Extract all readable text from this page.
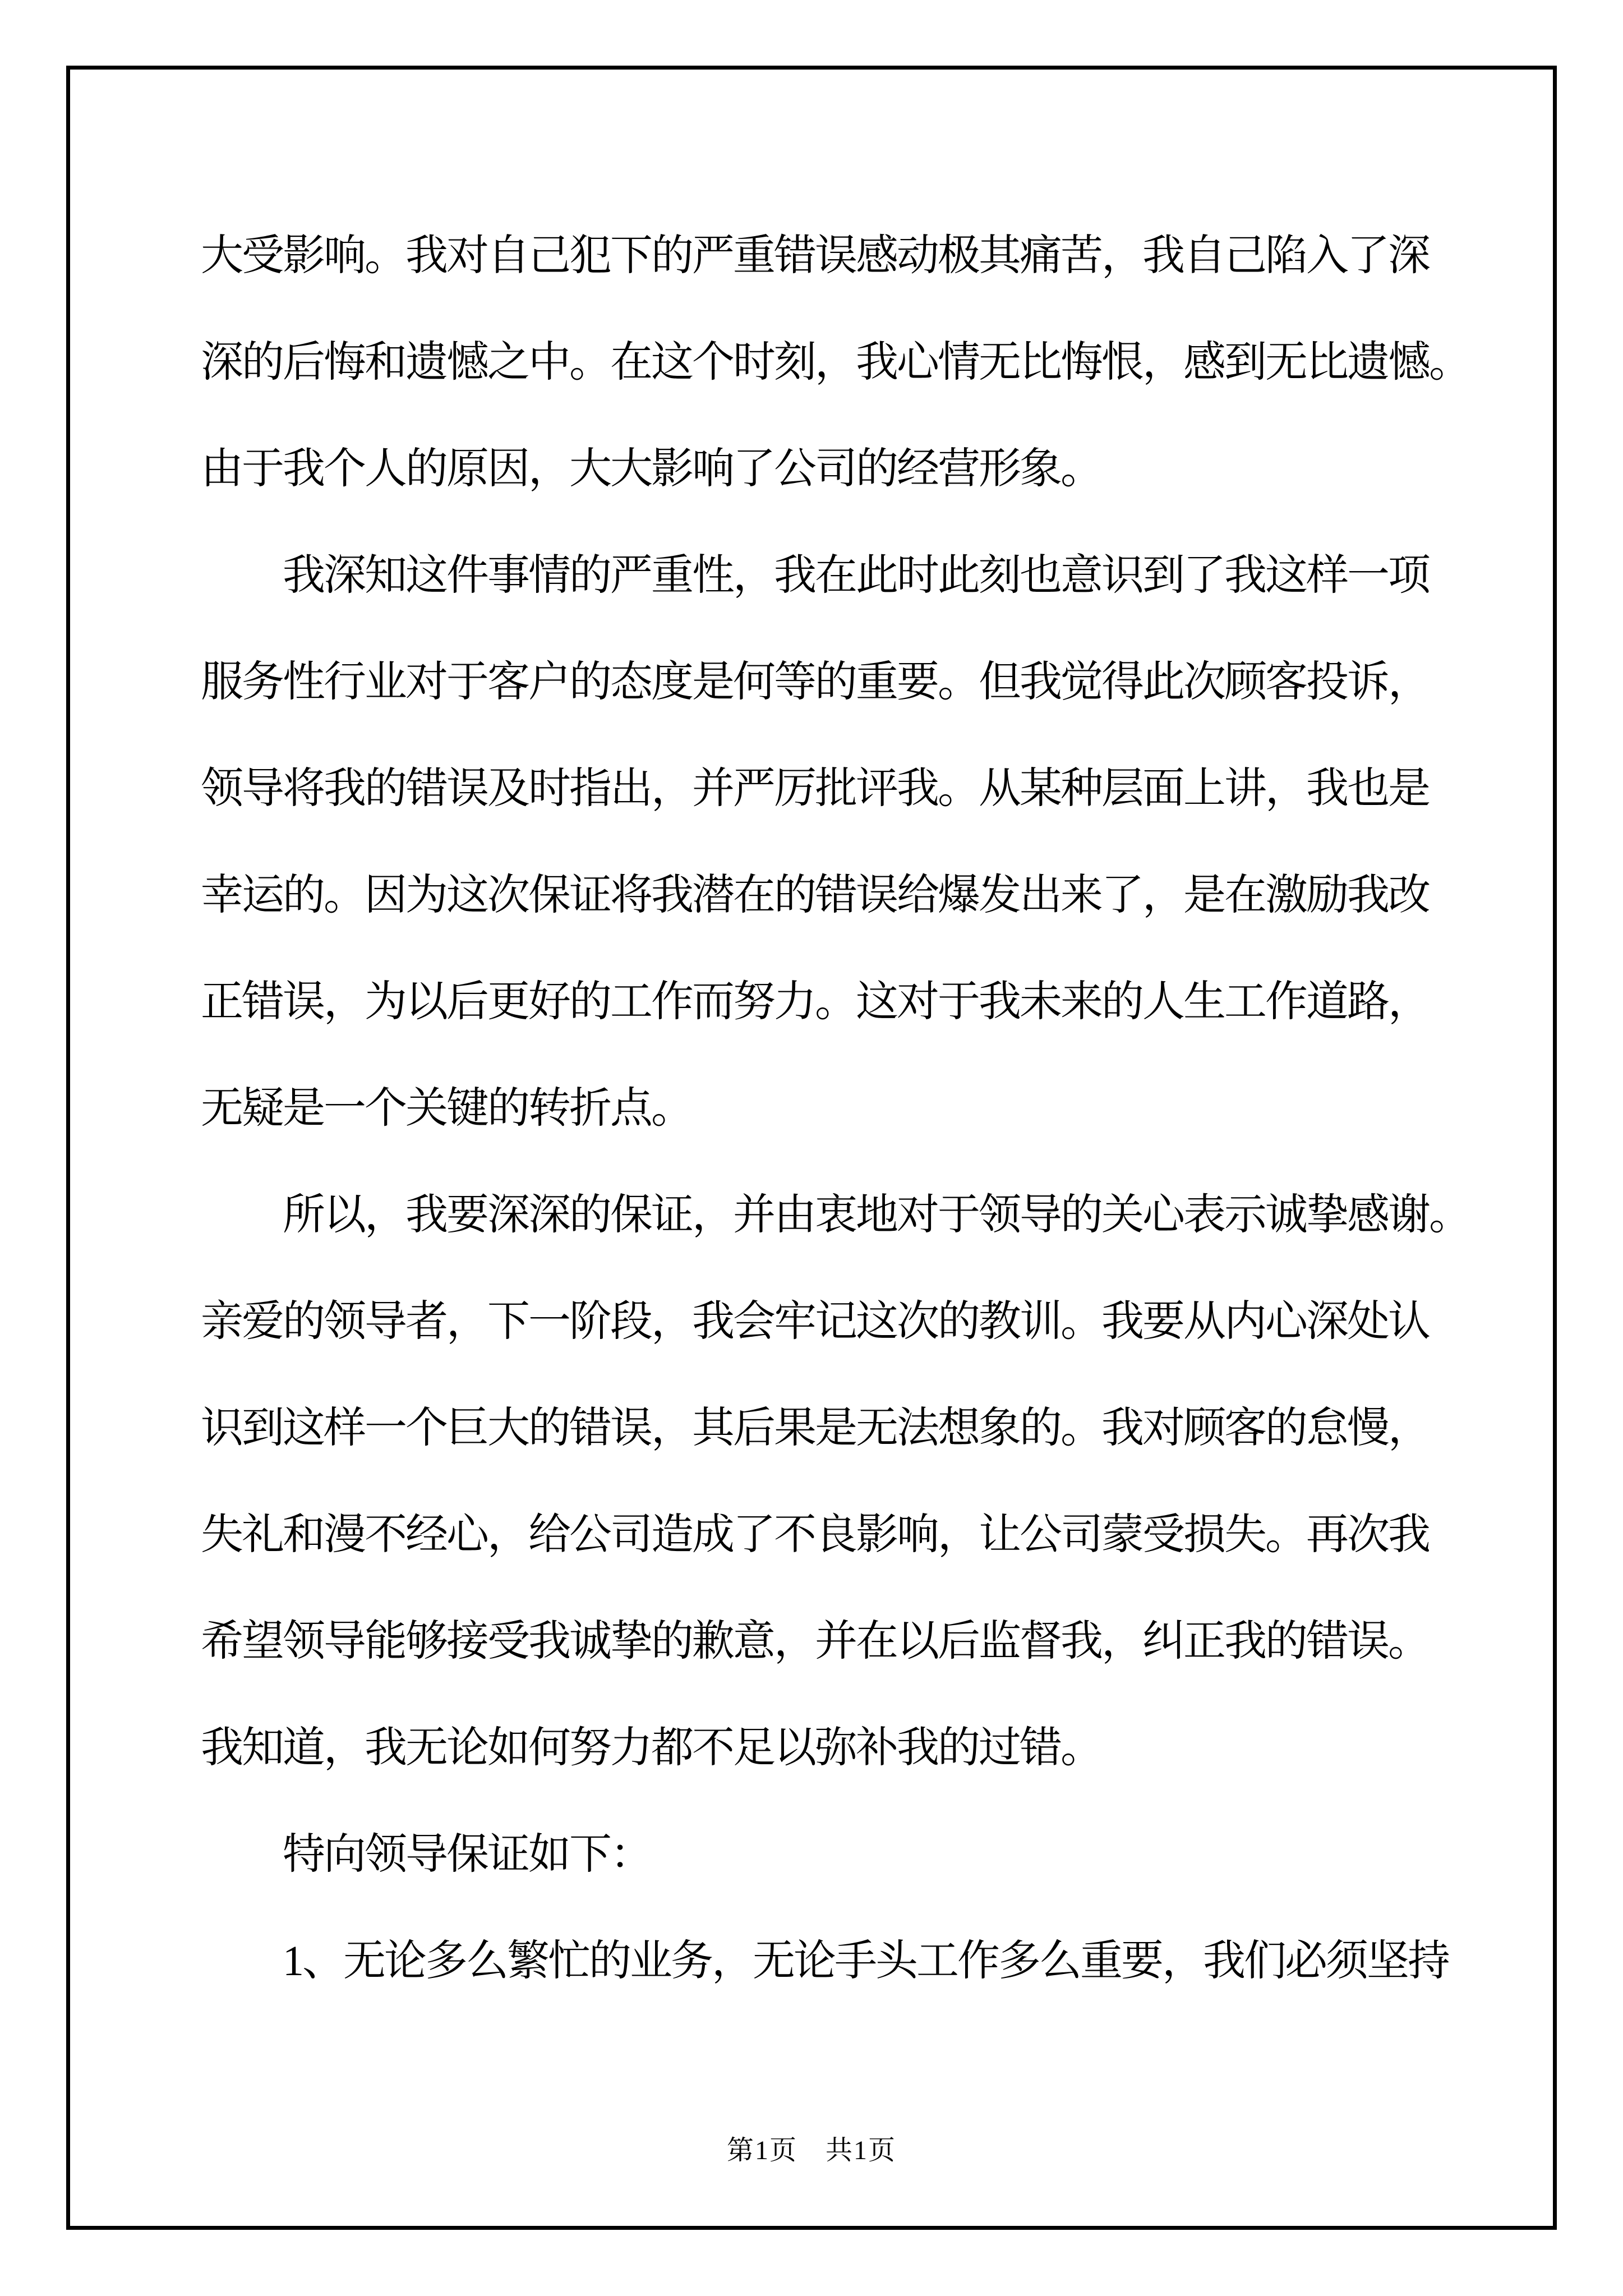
大受影响。我对自己犯下的严重错误感动极其痛苦，我自己陷入了深
深的后悔和遗憾之中。在这个时刻，我心情无比悔恨，感到无比遗憾。
由于我个人的原因，大大影响了公司的经营形象。
我深知这件事情的严重性，我在此时此刻也意识到了我这样一项
服务性行业对于客户的态度是何等的重要。但我觉得此次顾客投诉，
领导将我的错误及时指出，并严厉批评我。从某种层面上讲，我也是
幸运的。因为这次保证将我潜在的错误给爆发出来了，是在激励我改
正错误，为以后更好的工作而努力。这对于我未来的人生工作道路，
无疑是一个关键的转折点。
所以，我要深深的保证，并由衷地对于领导的关心表示诚挚感谢。
亲爱的领导者，下一阶段，我会牢记这次的教训。我要从内心深处认
识到这样一个巨大的错误，其后果是无法想象的。我对顾客的怠慢，
失礼和漫不经心，给公司造成了不良影响，让公司蒙受损失。再次我
希望领导能够接受我诚挚的歉意，并在以后监督我，纠正我的错误。
我知道，我无论如何努力都不足以弥补我的过错。
特向领导保证如下：
1、无论多么繁忙的业务，无论手头工作多么重要，我们必须坚持
第1页　共1页
